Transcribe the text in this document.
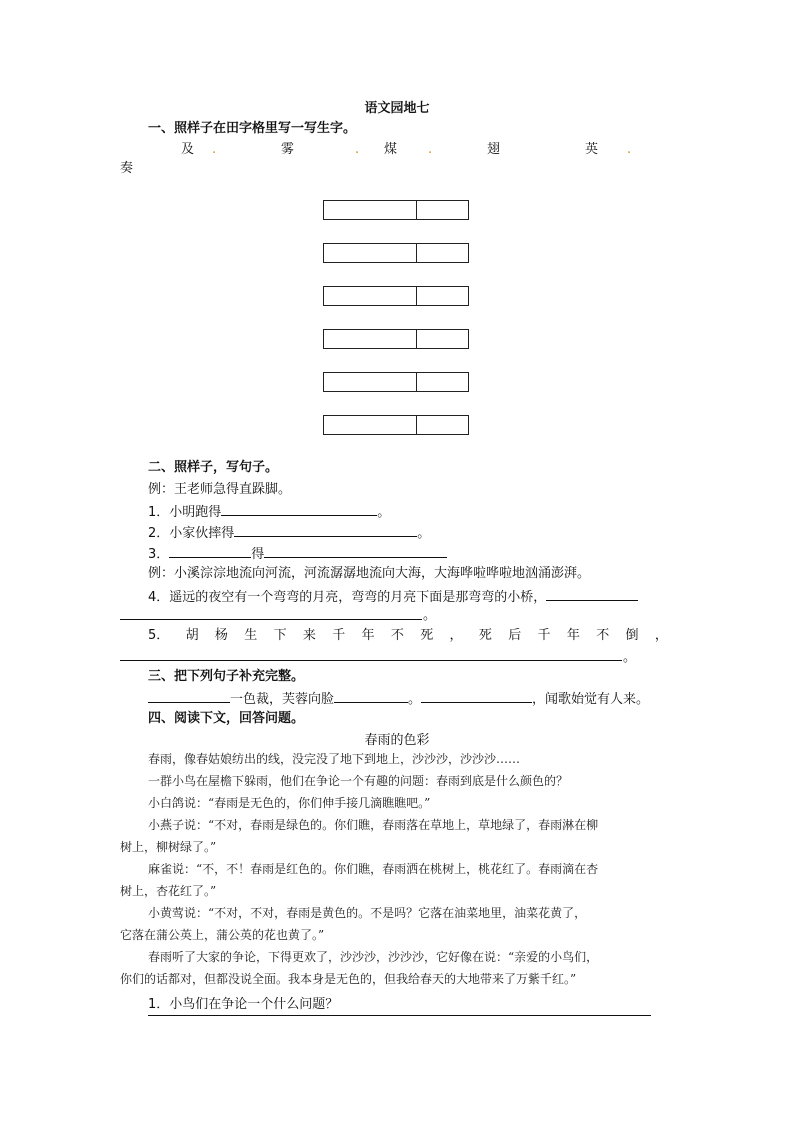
语文园地七
一、照样子在田字格里写一写生字。
及 .	雾	. 煤 .	翅	英 .
奏
二、照样子，写句子。
例：王老师急得直跺脚。
1．小明跑得	。
2．小家伙摔得	。
3．	得
例：小溪淙淙地流向河流，河流潺潺地流向大海，大海哗啦哗啦地汹涌澎湃。
4．遥远的夜空有一个弯弯的月亮，弯弯的月亮下面是那弯弯的小桥，
。
5． 胡 杨 生 下 来 千 年 不 死 ， 死 后 千 年 不 倒 ，
。
三、把下列句子补充完整。
一色裁，芙蓉向脸	。	，闻歌始觉有人来。
四、阅读下文，回答问题。
春雨的色彩
春雨，像春姑娘纺出的线，没完没了地下到地上，沙沙沙，沙沙沙……
一群小鸟在屋檐下躲雨，他们在争论一个有趣的问题：春雨到底是什么颜色的？
小白鸽说：“春雨是无色的，你们伸手接几滴瞧瞧吧。”
小燕子说：“不对，春雨是绿色的。你们瞧，春雨落在草地上，草地绿了，春雨淋在柳
树上，柳树绿了。”
麻雀说：“不，不！春雨是红色的。你们瞧，春雨洒在桃树上，桃花红了。春雨滴在杏
树上，杏花红了。”
小黄莺说：“不对，不对，春雨是黄色的。不是吗？它落在油菜地里，油菜花黄了，
它落在蒲公英上，蒲公英的花也黄了。”
春雨听了大家的争论，下得更欢了，沙沙沙，沙沙沙，它好像在说：“亲爱的小鸟们，
你们的话都对，但都没说全面。我本身是无色的，但我给春天的大地带来了万紫千红。”
1．小鸟们在争论一个什么问题？
